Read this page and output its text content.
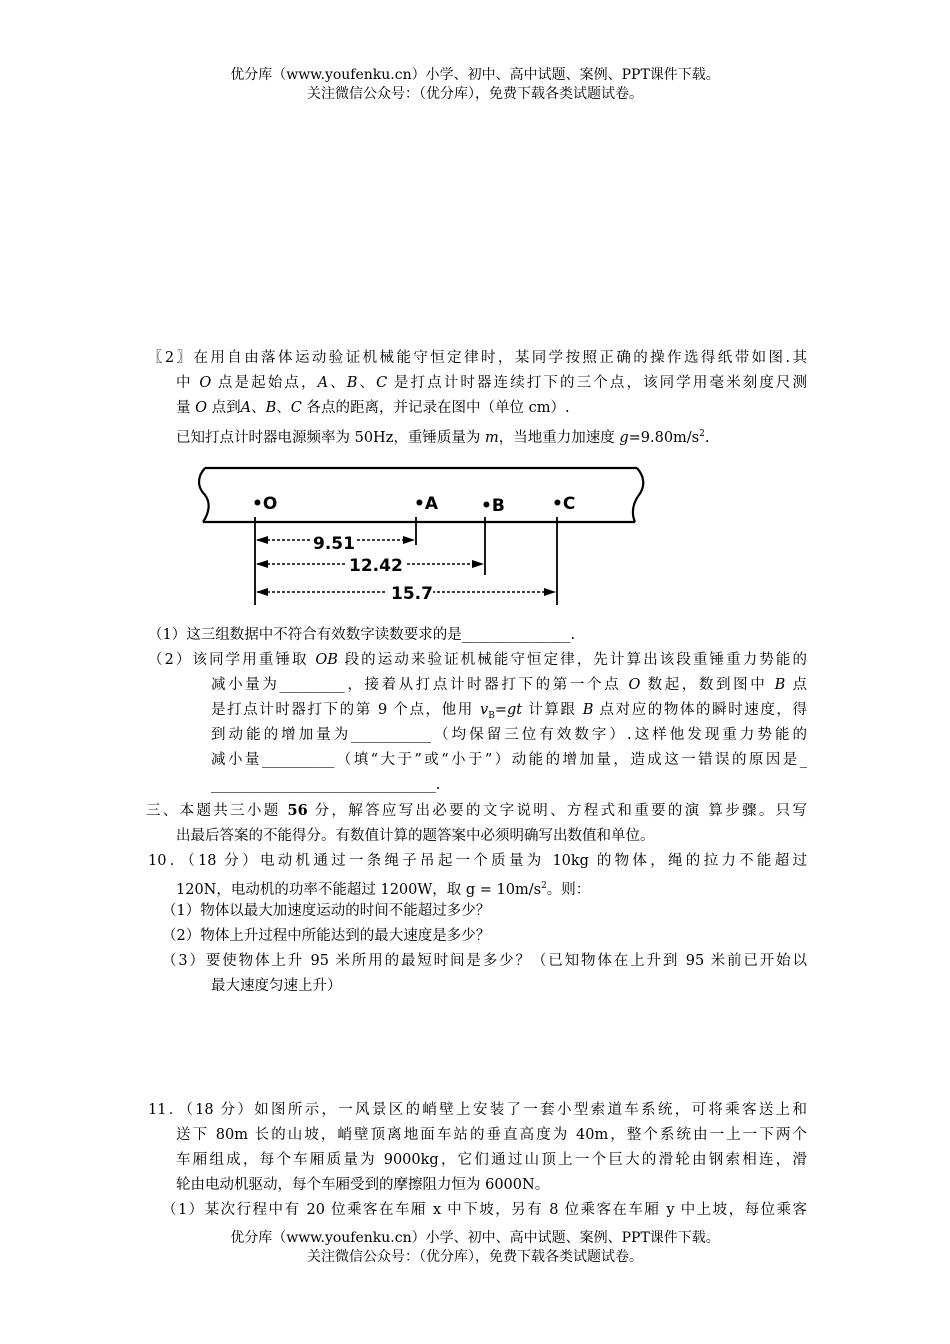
优分库（www.youfenku.cn）小学、初中、高中试题、案例、PPT课件下载。
关注微信公众号：（优分库），免费下载各类试题试卷。
〖2〗在用自由落体运动验证机械能守恒定律时，某同学按照正确的操作选得纸带如图.其
中 O 点是起始点，A、B、C 是打点计时器连续打下的三个点，该同学用毫米刻度尺测
量 O 点到A、B、C 各点的距离，并记录在图中（单位 cm）.
已知打点计时器电源频率为 50Hz，重锤质量为 m，当地重力加速度 $g=9.80m/s^2$.
•O	•A	•B	•C
9.51
12.42
15.7
（1）这三组数据中不符合有效数字读数要求的是_______________.
（2）该同学用重锤取 OB 段的运动来验证机械能守恒定律，先计算出该段重锤重力势能的
减小量为_________，接着从打点计时器打下的第一个点 O 数起，数到图中 B 点
是打点计时器打下的第 9 个点，他用 $v_B=gt$ 计算跟 B 点对应的物体的瞬时速度，得
到动能的增加量为___________（均保留三位有效数字）.这样他发现重力势能的
减小量__________（填“大于”或“小于”）动能的增加量，造成这一错误的原因是_
_______________________________.
三、本题共三小题 56 分，解答应写出必要的文字说明、方程式和重要的演 算步骤。只写
出最后答案的不能得分。有数值计算的题答案中必须明确写出数值和单位。
10．（18 分）电动机通过一条绳子吊起一个质量为 10kg 的物体，绳的拉力不能超过
120N，电动机的功率不能超过 1200W，取 $g = 10m/s^2$。则：
（1）物体以最大加速度运动的时间不能超过多少？
（2）物体上升过程中所能达到的最大速度是多少？
（3）要使物体上升 95 米所用的最短时间是多少？（已知物体在上升到 95 米前已开始以
最大速度匀速上升）
11．（18 分）如图所示，一风景区的峭壁上安装了一套小型索道车系统，可将乘客送上和
送下 80m 长的山坡，峭壁顶离地面车站的垂直高度为 40m，整个系统由一上一下两个
车厢组成，每个车厢质量为 9000kg，它们通过山顶上一个巨大的滑轮由钢索相连，滑
轮由电动机驱动，每个车厢受到的摩擦阻力恒为 6000N。
（1）某次行程中有 20 位乘客在车厢 x 中下坡，另有 8 位乘客在车厢 y 中上坡，每位乘客
优分库（www.youfenku.cn）小学、初中、高中试题、案例、PPT课件下载。
关注微信公众号：（优分库），免费下载各类试题试卷。
